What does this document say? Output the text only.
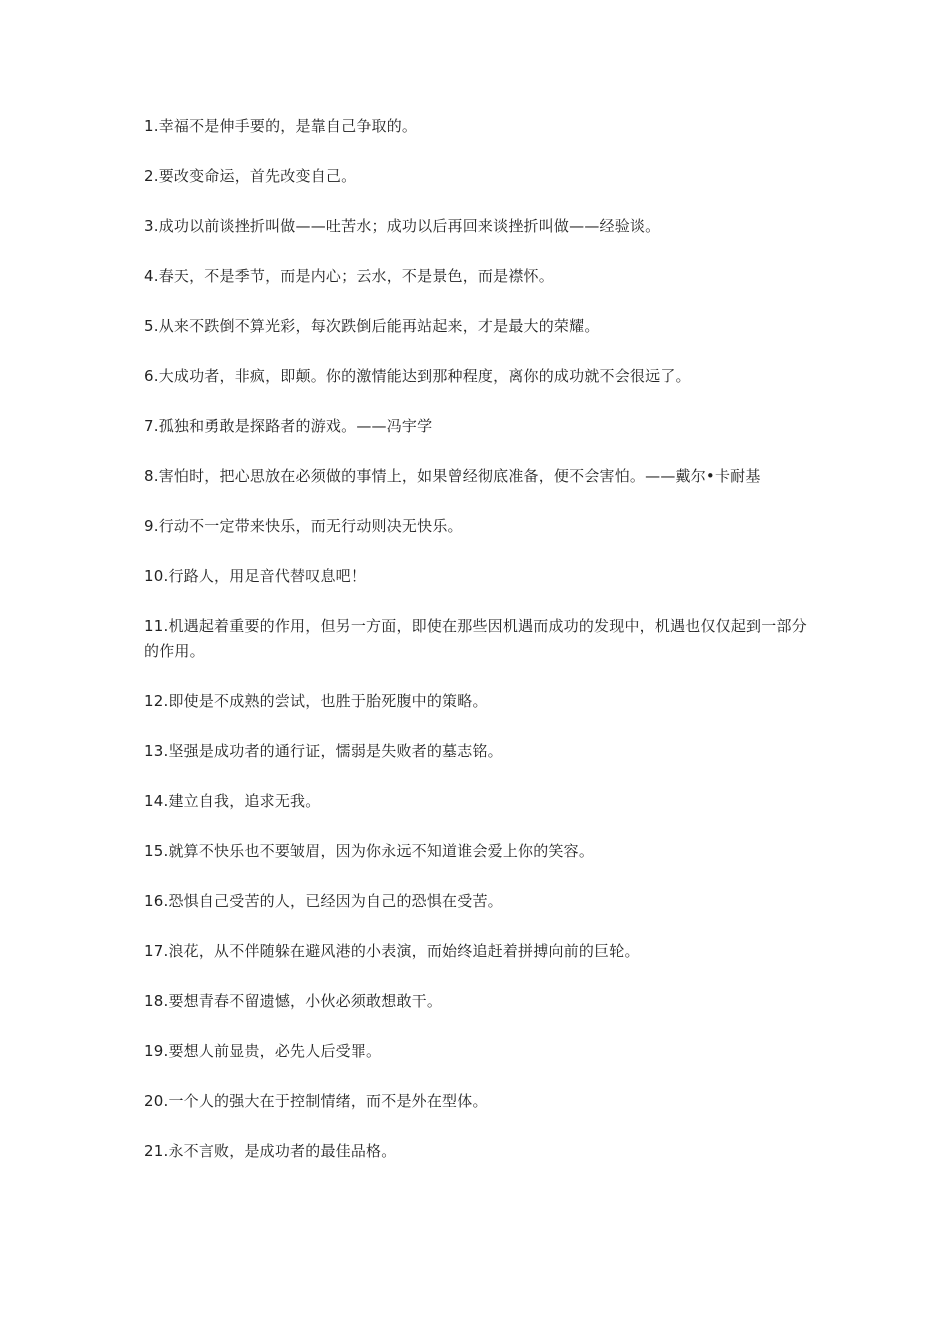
1.幸福不是伸手要的，是靠自己争取的。

2.要改变命运，首先改变自己。

3.成功以前谈挫折叫做——吐苦水；成功以后再回来谈挫折叫做——经验谈。

4.春天，不是季节，而是内心；云水，不是景色，而是襟怀。

5.从来不跌倒不算光彩，每次跌倒后能再站起来，才是最大的荣耀。

6.大成功者，非疯，即颠。你的激情能达到那种程度，离你的成功就不会很远了。

7.孤独和勇敢是探路者的游戏。——冯宇学

8.害怕时，把心思放在必须做的事情上，如果曾经彻底准备，便不会害怕。——戴尔•卡耐基

9.行动不一定带来快乐，而无行动则决无快乐。

10.行路人，用足音代替叹息吧！

11.机遇起着重要的作用，但另一方面，即使在那些因机遇而成功的发现中，机遇也仅仅起到一部分的作用。

12.即使是不成熟的尝试，也胜于胎死腹中的策略。

13.坚强是成功者的通行证，懦弱是失败者的墓志铭。

14.建立自我，追求无我。

15.就算不快乐也不要皱眉，因为你永远不知道谁会爱上你的笑容。

16.恐惧自己受苦的人，已经因为自己的恐惧在受苦。

17.浪花，从不伴随躲在避风港的小表演，而始终追赶着拼搏向前的巨轮。

18.要想青春不留遗憾，小伙必须敢想敢干。

19.要想人前显贵，必先人后受罪。

20.一个人的强大在于控制情绪，而不是外在型体。

21.永不言败，是成功者的最佳品格。
